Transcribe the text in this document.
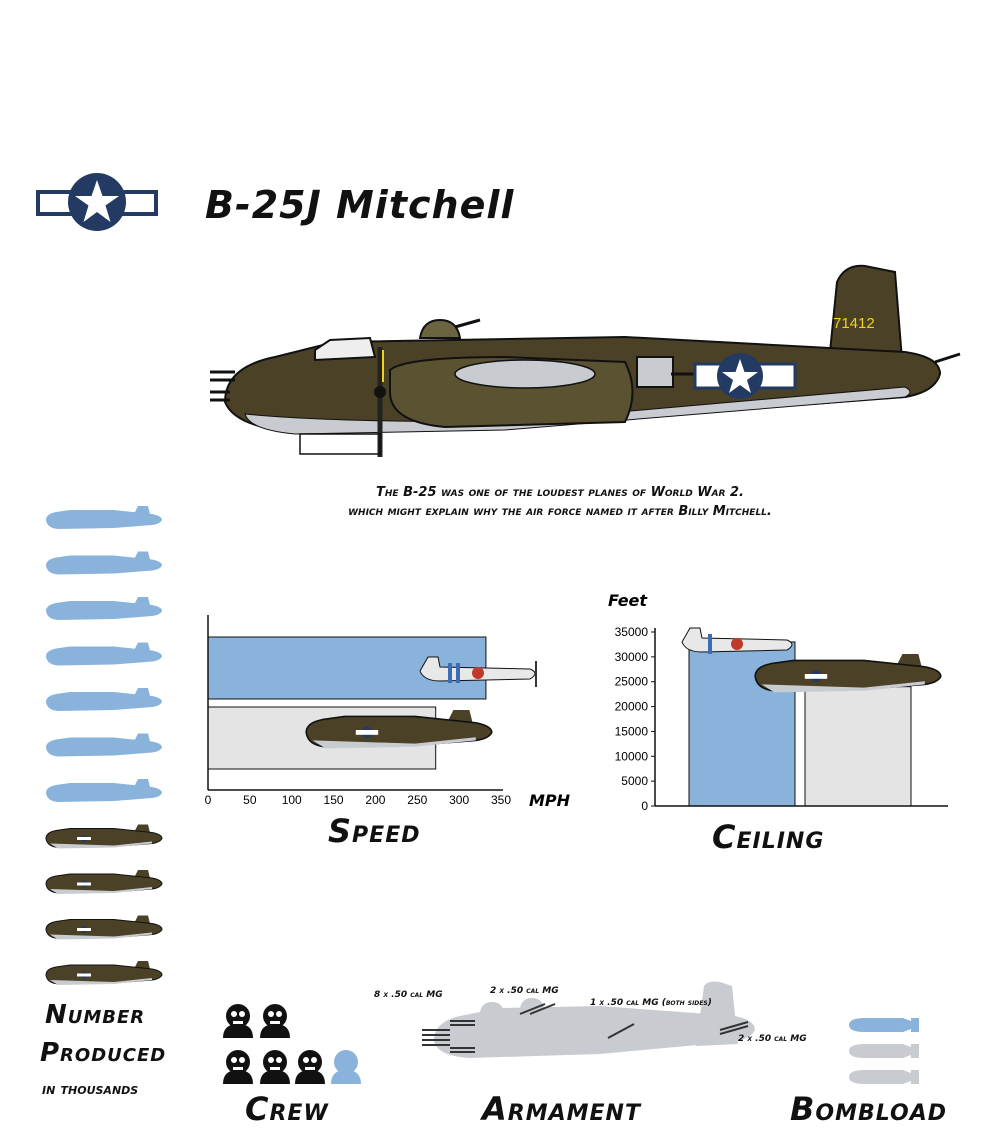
B-25J Mitchell
71412
The B-25 was one of the loudest planes of World War 2.
which might explain why the air force named it after Billy Mitchell.
Number
Produced
in thousands
0	50 100 150 200 250 300 350 MPH
Speed
0
5000
10000
15000
20000
25000
30000
35000
Feet
Ceiling
Crew
8 x .50 cal MG	2 x .50 cal MG
1 x .50 cal MG (both sides)
2 x .50 cal MG
Armament	Bombload
